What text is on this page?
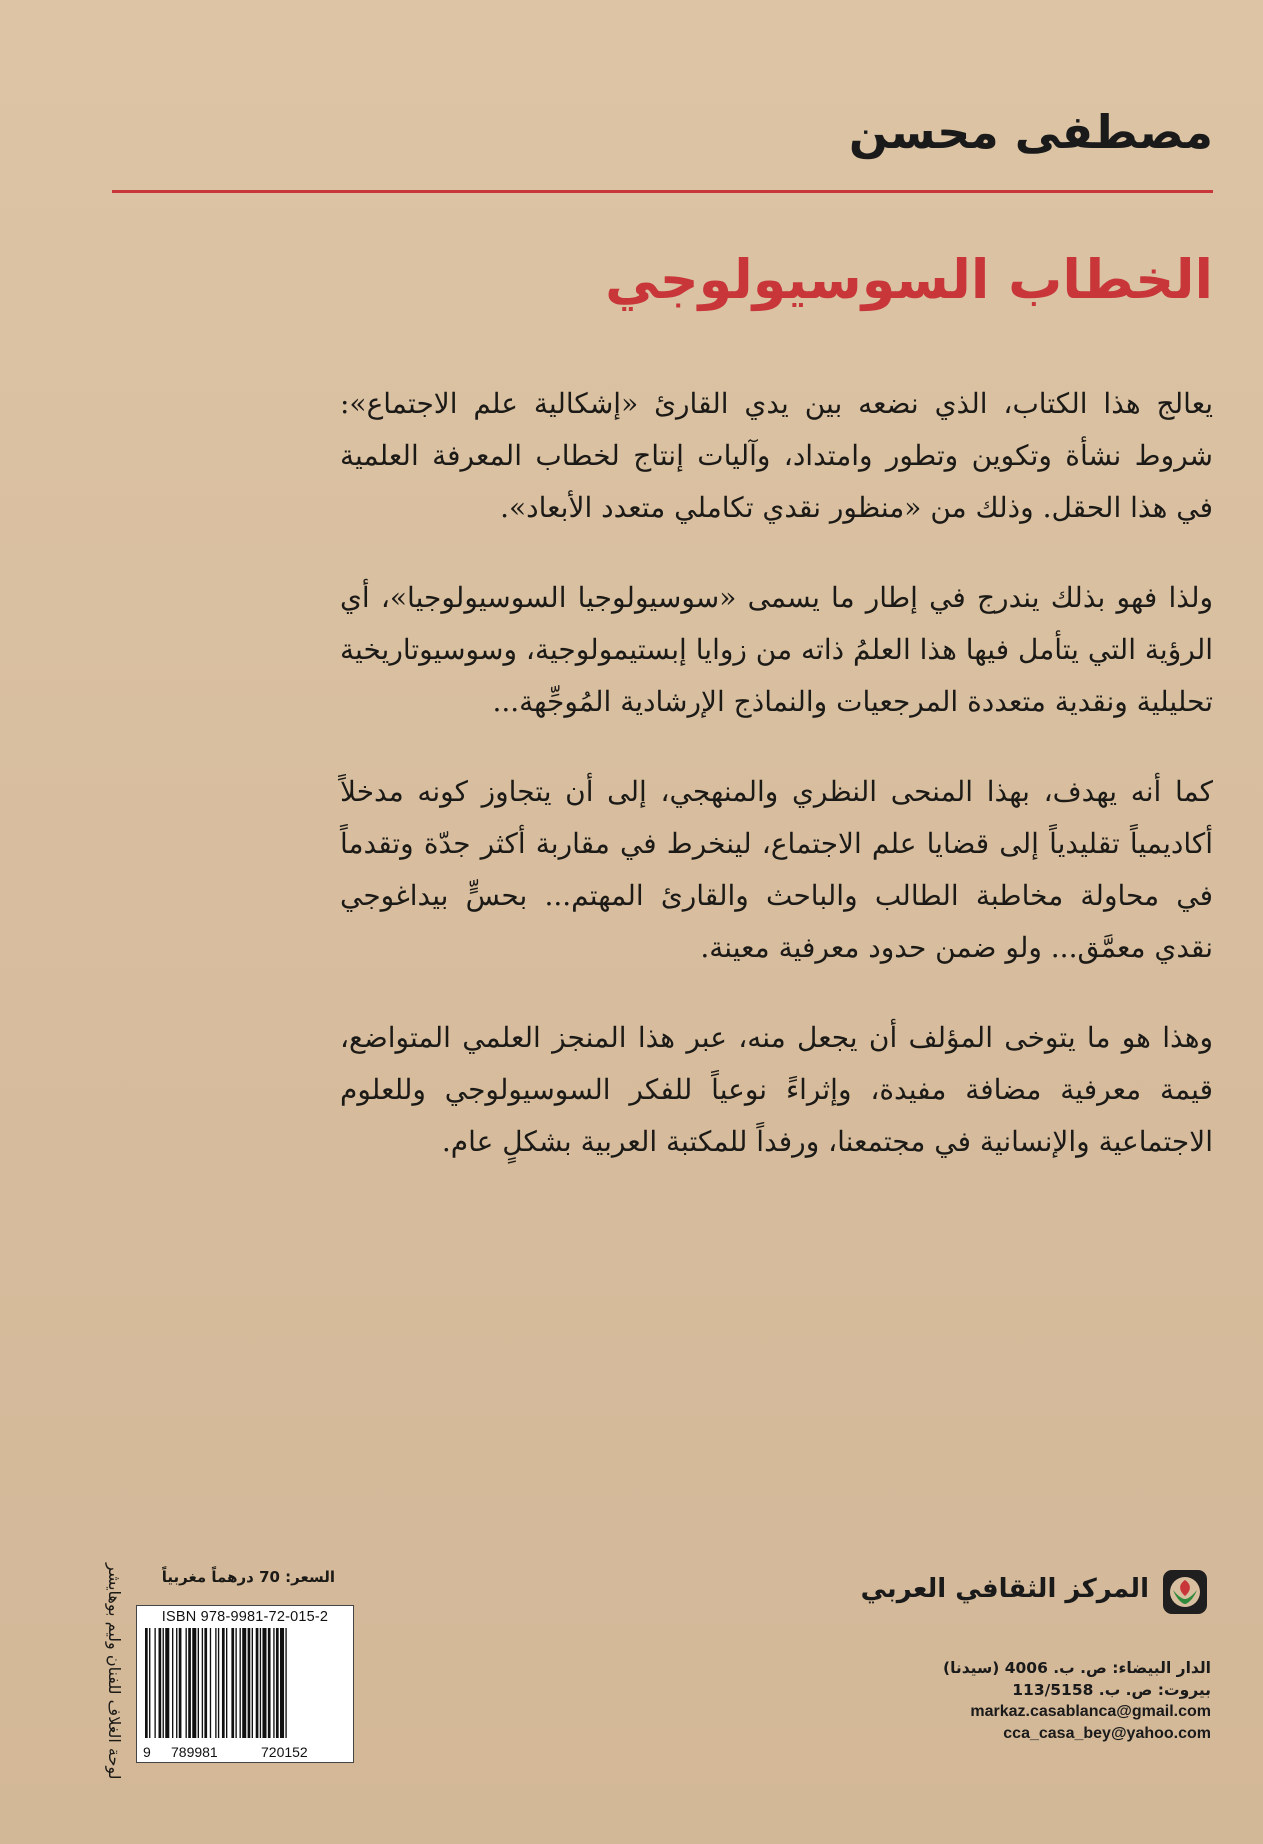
مصطفى محسن
الخطاب السوسيولوجي

يعالج هذا الكتاب، الذي نضعه بين يدي القارئ «إشكالية علم الاجتماع»: شروط نشأة وتكوين وتطور وامتداد، وآليات إنتاج لخطاب المعرفة العلمية في هذا الحقل. وذلك من «منظور نقدي تكاملي متعدد الأبعاد».

ولذا فهو بذلك يندرج في إطار ما يسمى «سوسيولوجيا السوسيولوجيا»، أي الرؤية التي يتأمل فيها هذا العلمُ ذاته من زوايا إبستيمولوجية، وسوسيوتاريخية تحليلية ونقدية متعددة المرجعيات والنماذج الإرشادية المُوجِّهة...

كما أنه يهدف، بهذا المنحى النظري والمنهجي، إلى أن يتجاوز كونه مدخلاً أكاديمياً تقليدياً إلى قضايا علم الاجتماع، لينخرط في مقاربة أكثر جدّة وتقدماً في محاولة مخاطبة الطالب والباحث والقارئ المهتم... بحسٍّ بيداغوجي نقدي معمَّق... ولو ضمن حدود معرفية معينة.

وهذا هو ما يتوخى المؤلف أن يجعل منه، عبر هذا المنجز العلمي المتواضع، قيمة معرفية مضافة مفيدة، وإثراءً نوعياً للفكر السوسيولوجي وللعلوم الاجتماعية والإنسانية في مجتمعنا، ورفداً للمكتبة العربية بشكلٍ عام.

لوحة الغلاف للفنان وليم بوهايشر	السعر: 70 درهماً مغربياً
ISBN 978-9981-72-015-2
9 789981	720152
المركز الثقافي العربي
الدار البيضاء: ص. ب. 4006 (سيدنا)
بيروت: ص. ب. 113/5158
markaz.casablanca@gmail.com
cca_casa_bey@yahoo.com
